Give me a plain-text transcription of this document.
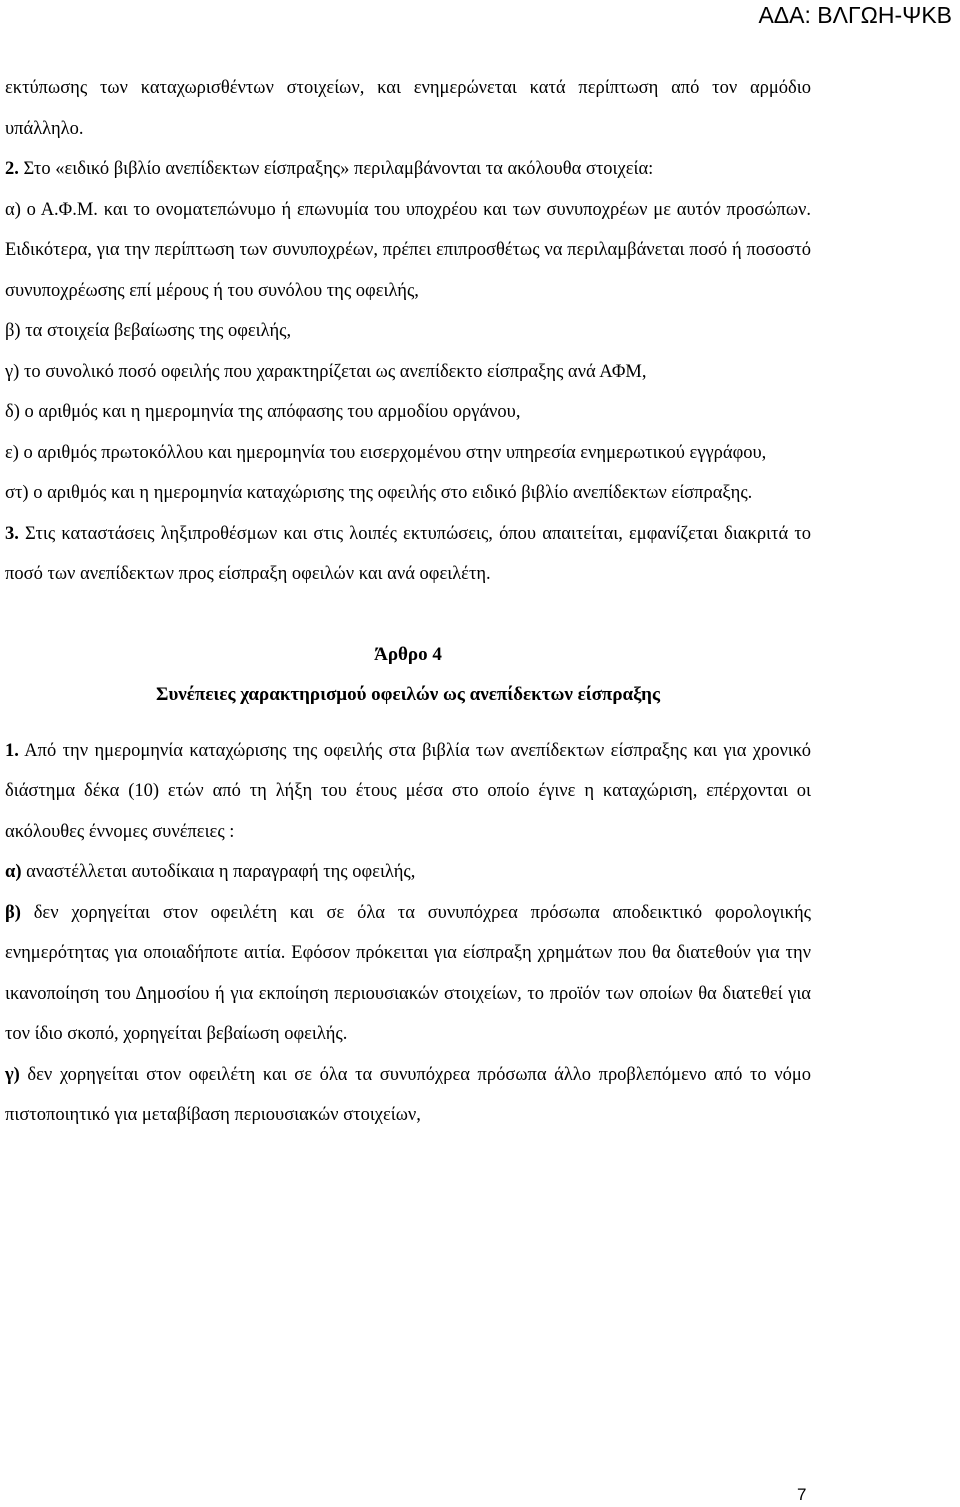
ΑΔΑ: ΒΛΓΩΗ-ΨΚΒ
εκτύπωσης των καταχωρισθέντων στοιχείων, και ενημερώνεται κατά περίπτωση από τον αρμόδιο υπάλληλο.
2. Στο «ειδικό βιβλίο ανεπίδεκτων είσπραξης» περιλαμβάνονται τα ακόλουθα στοιχεία:
α) ο Α.Φ.Μ. και το ονοματεπώνυμο ή επωνυμία του υποχρέου και των συνυποχρέων με αυτόν προσώπων. Ειδικότερα, για την περίπτωση των συνυποχρέων, πρέπει επιπροσθέτως να περιλαμβάνεται ποσό ή ποσοστό συνυποχρέωσης επί μέρους ή του συνόλου της οφειλής,
β) τα στοιχεία βεβαίωσης της οφειλής,
γ) το συνολικό ποσό οφειλής που χαρακτηρίζεται ως ανεπίδεκτο είσπραξης ανά ΑΦΜ,
δ) ο αριθμός και η ημερομηνία της απόφασης του αρμοδίου οργάνου,
ε) ο αριθμός πρωτοκόλλου και ημερομηνία του εισερχομένου στην υπηρεσία ενημερωτικού εγγράφου,
στ) ο αριθμός και η ημερομηνία καταχώρισης της οφειλής στο ειδικό βιβλίο ανεπίδεκτων είσπραξης.
3. Στις καταστάσεις ληξιπροθέσμων και στις λοιπές εκτυπώσεις, όπου απαιτείται, εμφανίζεται διακριτά το ποσό των ανεπίδεκτων προς είσπραξη οφειλών και ανά οφειλέτη.
Άρθρο 4
Συνέπειες χαρακτηρισμού οφειλών ως ανεπίδεκτων είσπραξης
1. Από την ημερομηνία καταχώρισης της οφειλής στα βιβλία των ανεπίδεκτων είσπραξης και για χρονικό διάστημα δέκα (10) ετών από τη λήξη του έτους μέσα στο οποίο έγινε η καταχώριση, επέρχονται οι ακόλουθες έννομες συνέπειες :
α) αναστέλλεται αυτοδίκαια η παραγραφή της οφειλής,
β) δεν χορηγείται στον οφειλέτη και σε όλα τα συνυπόχρεα πρόσωπα αποδεικτικό φορολογικής ενημερότητας για οποιαδήποτε αιτία. Εφόσον πρόκειται για είσπραξη χρημάτων που θα διατεθούν για την ικανοποίηση του Δημοσίου ή για εκποίηση περιουσιακών στοιχείων, το προϊόν των οποίων θα διατεθεί για τον ίδιο σκοπό, χορηγείται βεβαίωση οφειλής.
γ) δεν χορηγείται στον οφειλέτη και σε όλα τα συνυπόχρεα πρόσωπα άλλο προβλεπόμενο από το νόμο πιστοποιητικό για μεταβίβαση περιουσιακών στοιχείων,
7
